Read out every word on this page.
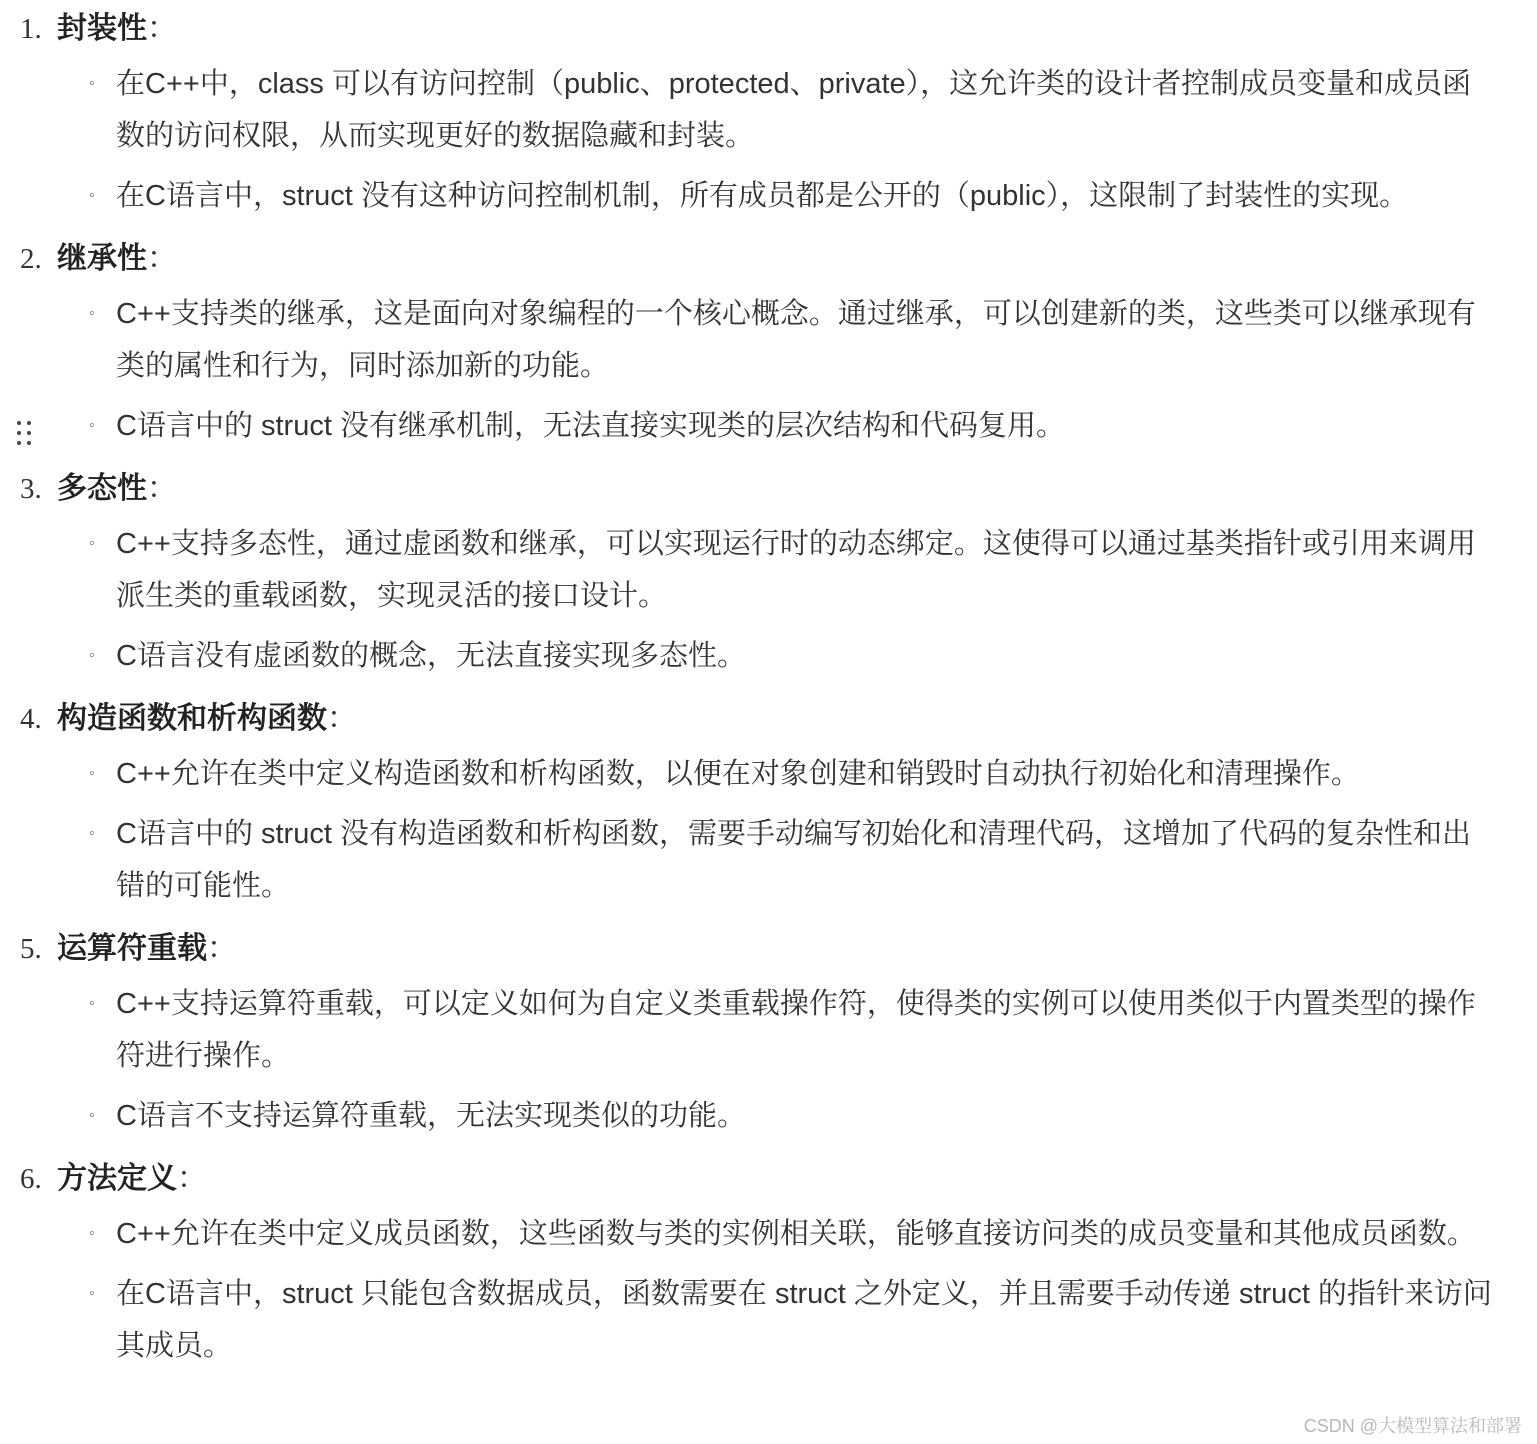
1. 封装性：
◦ 在C++中，class 可以有访问控制（public、protected、private），这允许类的设计者控制成员变量和成员函数的访问权限，从而实现更好的数据隐藏和封装。
◦ 在C语言中，struct 没有这种访问控制机制，所有成员都是公开的（public），这限制了封装性的实现。
2. 继承性：
◦ C++支持类的继承，这是面向对象编程的一个核心概念。通过继承，可以创建新的类，这些类可以继承现有类的属性和行为，同时添加新的功能。
◦ C语言中的 struct 没有继承机制，无法直接实现类的层次结构和代码复用。
3. 多态性：
◦ C++支持多态性，通过虚函数和继承，可以实现运行时的动态绑定。这使得可以通过基类指针或引用来调用派生类的重载函数，实现灵活的接口设计。
◦ C语言没有虚函数的概念，无法直接实现多态性。
4. 构造函数和析构函数：
◦ C++允许在类中定义构造函数和析构函数，以便在对象创建和销毁时自动执行初始化和清理操作。
◦ C语言中的 struct 没有构造函数和析构函数，需要手动编写初始化和清理代码，这增加了代码的复杂性和出错的可能性。
5. 运算符重载：
◦ C++支持运算符重载，可以定义如何为自定义类重载操作符，使得类的实例可以使用类似于内置类型的操作符进行操作。
◦ C语言不支持运算符重载，无法实现类似的功能。
6. 方法定义：
◦ C++允许在类中定义成员函数，这些函数与类的实例相关联，能够直接访问类的成员变量和其他成员函数。
◦ 在C语言中，struct 只能包含数据成员，函数需要在 struct 之外定义，并且需要手动传递 struct 的指针来访问其成员。
CSDN @大模型算法和部署
